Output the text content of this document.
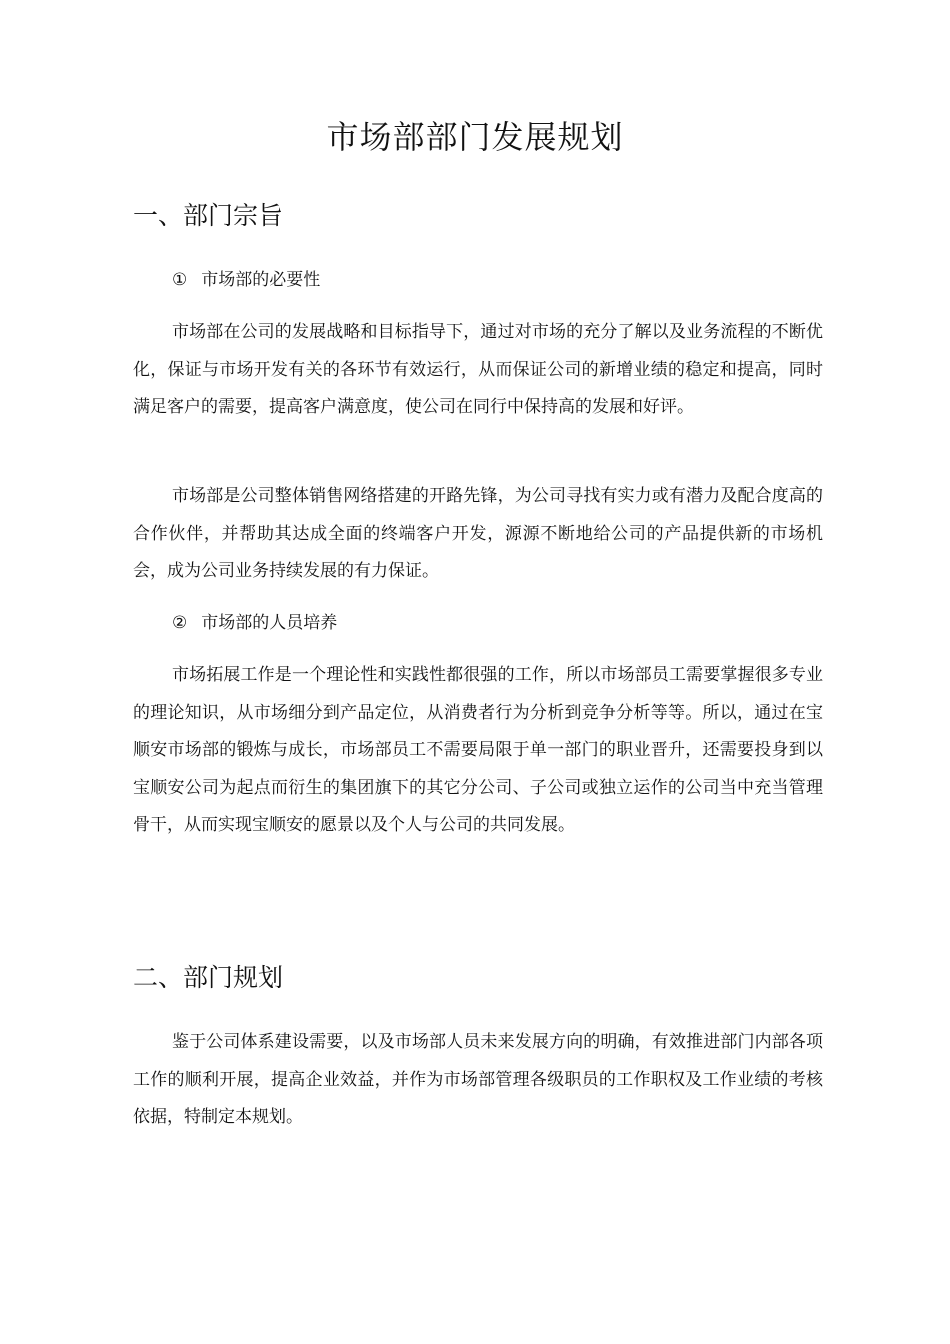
市场部部门发展规划
一、部门宗旨

① 市场部的必要性

市场部在公司的发展战略和目标指导下，通过对市场的充分了解以及业务流程的不断优化，保证与市场开发有关的各环节有效运行，从而保证公司的新增业绩的稳定和提高，同时满足客户的需要，提高客户满意度，使公司在同行中保持高的发展和好评。

市场部是公司整体销售网络搭建的开路先锋，为公司寻找有实力或有潜力及配合度高的合作伙伴，并帮助其达成全面的终端客户开发，源源不断地给公司的产品提供新的市场机会，成为公司业务持续发展的有力保证。

② 市场部的人员培养

市场拓展工作是一个理论性和实践性都很强的工作，所以市场部员工需要掌握很多专业的理论知识，从市场细分到产品定位，从消费者行为分析到竞争分析等等。所以，通过在宝顺安市场部的锻炼与成长，市场部员工不需要局限于单一部门的职业晋升，还需要投身到以宝顺安公司为起点而衍生的集团旗下的其它分公司、子公司或独立运作的公司当中充当管理骨干，从而实现宝顺安的愿景以及个人与公司的共同发展。

二、部门规划

鉴于公司体系建设需要，以及市场部人员未来发展方向的明确，有效推进部门内部各项工作的顺利开展，提高企业效益，并作为市场部管理各级职员的工作职权及工作业绩的考核依据，特制定本规划。
